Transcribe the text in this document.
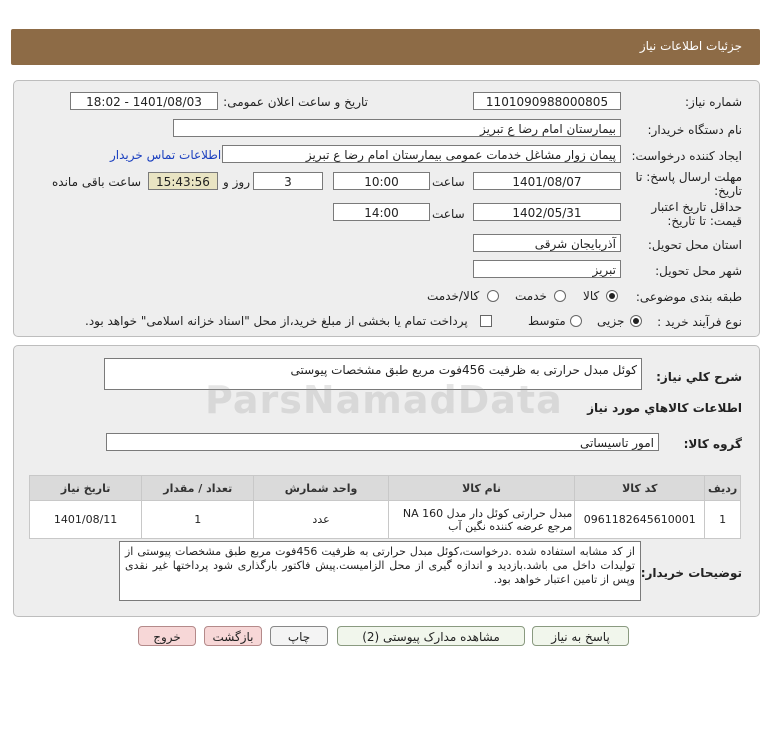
جزئیات اطلاعات نیاز
شماره نیاز:
1101090988000805
تاریخ و ساعت اعلان عمومی:
1401/08/03 - 18:02
نام دستگاه خریدار:
بیمارستان امام رضا ع تبریز
ایجاد کننده درخواست:
پیمان زوار مشاغل خدمات عمومی بیمارستان امام رضا ع تبریز
اطلاعات تماس خریدار
مهلت ارسال پاسخ: تا
تاریخ:
1401/08/07
ساعت
10:00
3
روز و
15:43:56
ساعت باقی مانده
حداقل تاریخ اعتبار
قیمت: تا تاریخ:
1402/05/31
ساعت
14:00
استان محل تحویل:
آذربایجان شرقی
شهر محل تحویل:
تبریز
طبقه بندی موضوعی:
کالا
خدمت
کالا/خدمت
نوع فرآیند خرید :
جزیی
متوسط
پرداخت تمام یا بخشی از مبلغ خرید،از محل "اسناد خزانه اسلامی" خواهد بود.
شرح كلي نياز:
کوئل مبدل حرارتی به ظرفیت 456فوت مربع طبق مشخصات پیوستی
اطلاعات كالاهاي مورد نياز
گروه کالا:
امور تاسیساتی
ردیف	کد کالا	نام کالا	واحد شمارش	تعداد / مقدار	تاریخ نیاز
1	0961182645610001	مبدل حرارتی کوئل دار مدل NA 160 مرجع عرضه کننده نگین آب	عدد	1	1401/08/11
توضیحات خریدار:
از کد مشابه استفاده شده .درخواست،کوئل مبدل حرارتی به ظرفیت 456فوت مربع طبق مشخصات پیوستی از تولیدات داخل می باشد.بازدید و اندازه گیری از محل الزامیست.پیش فاکتور بارگذاری شود پرداختها غیر نقدی وپس از تامین اعتبار خواهد بود.
پاسخ به نیاز
مشاهده مدارک پیوستی (2)
چاپ
بازگشت
خروج
ParsNamadData
